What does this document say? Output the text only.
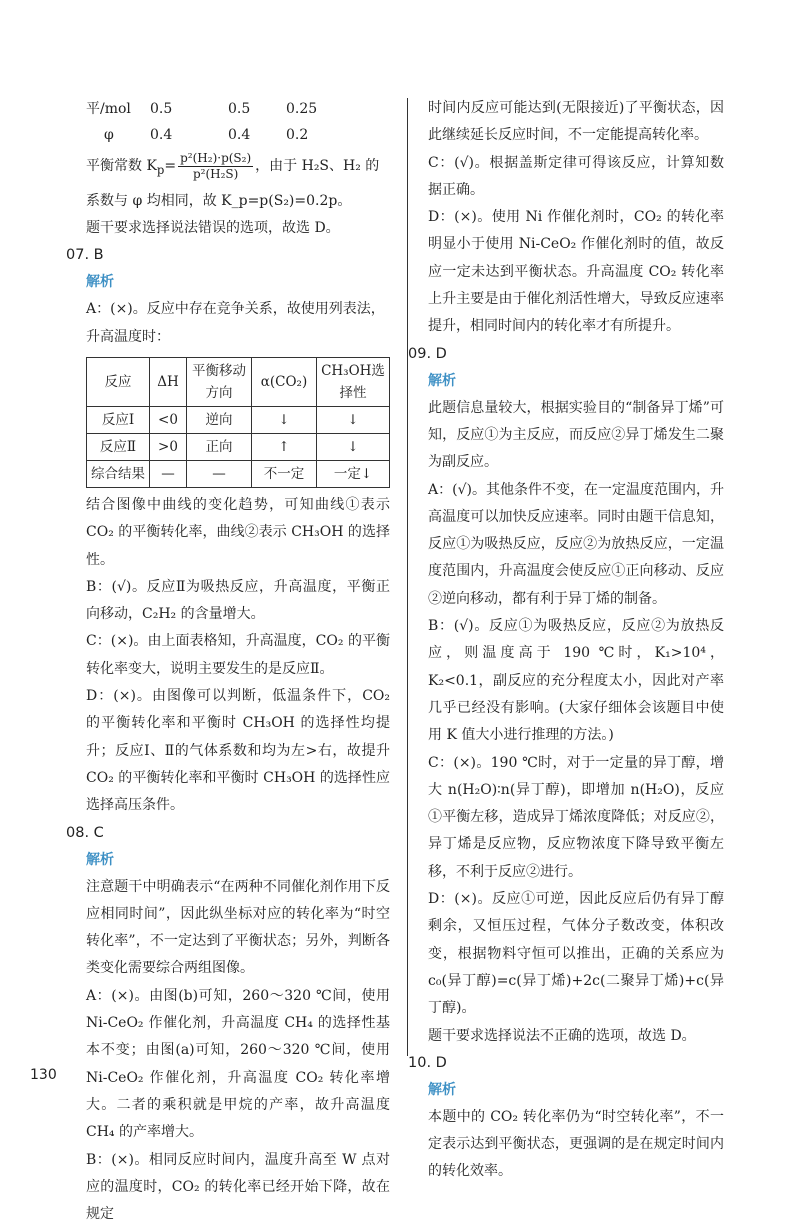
平/mol	0.5	0.5	0.25
φ	0.4	0.4	0.2

平衡常数 $K_p= \frac{\text{p²(H₂)·p(S₂)}}{\text{p²(H₂S)}}$ ，由于 H₂S、H₂ 的

系数与 φ 均相同，故 K_p=p(S₂)=0.2p。

题干要求选择说法错误的选项，故选 D。

07. B
解析

A：(×)。反应中存在竞争关系，故使用列表法，

升高温度时：

反应	ΔH	平衡移动方向	α(CO₂)	CH₃OH选择性
反应Ⅰ	<0	逆向	↓	↓
反应Ⅱ	>0	正向	↑	↓
综合结果	—	—	不一定	一定↓

结合图像中曲线的变化趋势，可知曲线①表示 CO₂ 的平衡转化率，曲线②表示 CH₃OH 的选择性。

B：(√)。反应Ⅱ为吸热反应，升高温度，平衡正向移动，C₂H₂ 的含量增大。

C：(×)。由上面表格知，升高温度，CO₂ 的平衡转化率变大，说明主要发生的是反应Ⅱ。

D：(×)。由图像可以判断，低温条件下，CO₂ 的平衡转化率和平衡时 CH₃OH 的选择性均提升；反应Ⅰ、Ⅱ的气体系数和均为左>右，故提升 CO₂ 的平衡转化率和平衡时 CH₃OH 的选择性应选择高压条件。

08. C
解析

注意题干中明确表示“在两种不同催化剂作用下反应相同时间”，因此纵坐标对应的转化率为“时空转化率”，不一定达到了平衡状态；另外，判断各类变化需要综合两组图像。

A：(×)。由图(b)可知，260～320 ℃间，使用 Ni-CeO₂ 作催化剂，升高温度 CH₄ 的选择性基本不变；由图(a)可知，260～320 ℃间，使用 Ni-CeO₂ 作催化剂，升高温度 CO₂ 转化率增大。二者的乘积就是甲烷的产率，故升高温度 CH₄ 的产率增大。

B：(×)。相同反应时间内，温度升高至 W 点对应的温度时，CO₂ 的转化率已经开始下降，故在规定

时间内反应可能达到(无限接近)了平衡状态，因此继续延长反应时间，不一定能提高转化率。

C：(√)。根据盖斯定律可得该反应，计算知数据正确。

D：(×)。使用 Ni 作催化剂时，CO₂ 的转化率明显小于使用 Ni-CeO₂ 作催化剂时的值，故反应一定未达到平衡状态。升高温度 CO₂ 转化率上升主要是由于催化剂活性增大，导致反应速率提升，相同时间内的转化率才有所提升。

09. D
解析

此题信息量较大，根据实验目的“制备异丁烯”可知，反应①为主反应，而反应②异丁烯发生二聚为副反应。

A：(√)。其他条件不变，在一定温度范围内，升高温度可以加快反应速率。同时由题干信息知，反应①为吸热反应，反应②为放热反应，一定温度范围内，升高温度会使反应①正向移动、反应②逆向移动，都有利于异丁烯的制备。

B：(√)。反应①为吸热反应，反应②为放热反应，则温度高于 190 ℃时，K₁>10⁴，K₂<0.1，副反应的充分程度太小，因此对产率几乎已经没有影响。(大家仔细体会该题目中使用 K 值大小进行推理的方法。)

C：(×)。190 ℃时，对于一定量的异丁醇，增大 n(H₂O)∶n(异丁醇)，即增加 n(H₂O)，反应①平衡左移，造成异丁烯浓度降低；对反应②，异丁烯是反应物，反应物浓度下降导致平衡左移，不利于反应②进行。

D：(×)。反应①可逆，因此反应后仍有异丁醇剩余，又恒压过程，气体分子数改变，体积改变，根据物料守恒可以推出，正确的关系应为 c₀(异丁醇)=c(异丁烯)+2c(二聚异丁烯)+c(异丁醇)。

题干要求选择说法不正确的选项，故选 D。

10. D
解析

本题中的 CO₂ 转化率仍为“时空转化率”，不一定表示达到平衡状态，更强调的是在规定时间内的转化效率。

130
